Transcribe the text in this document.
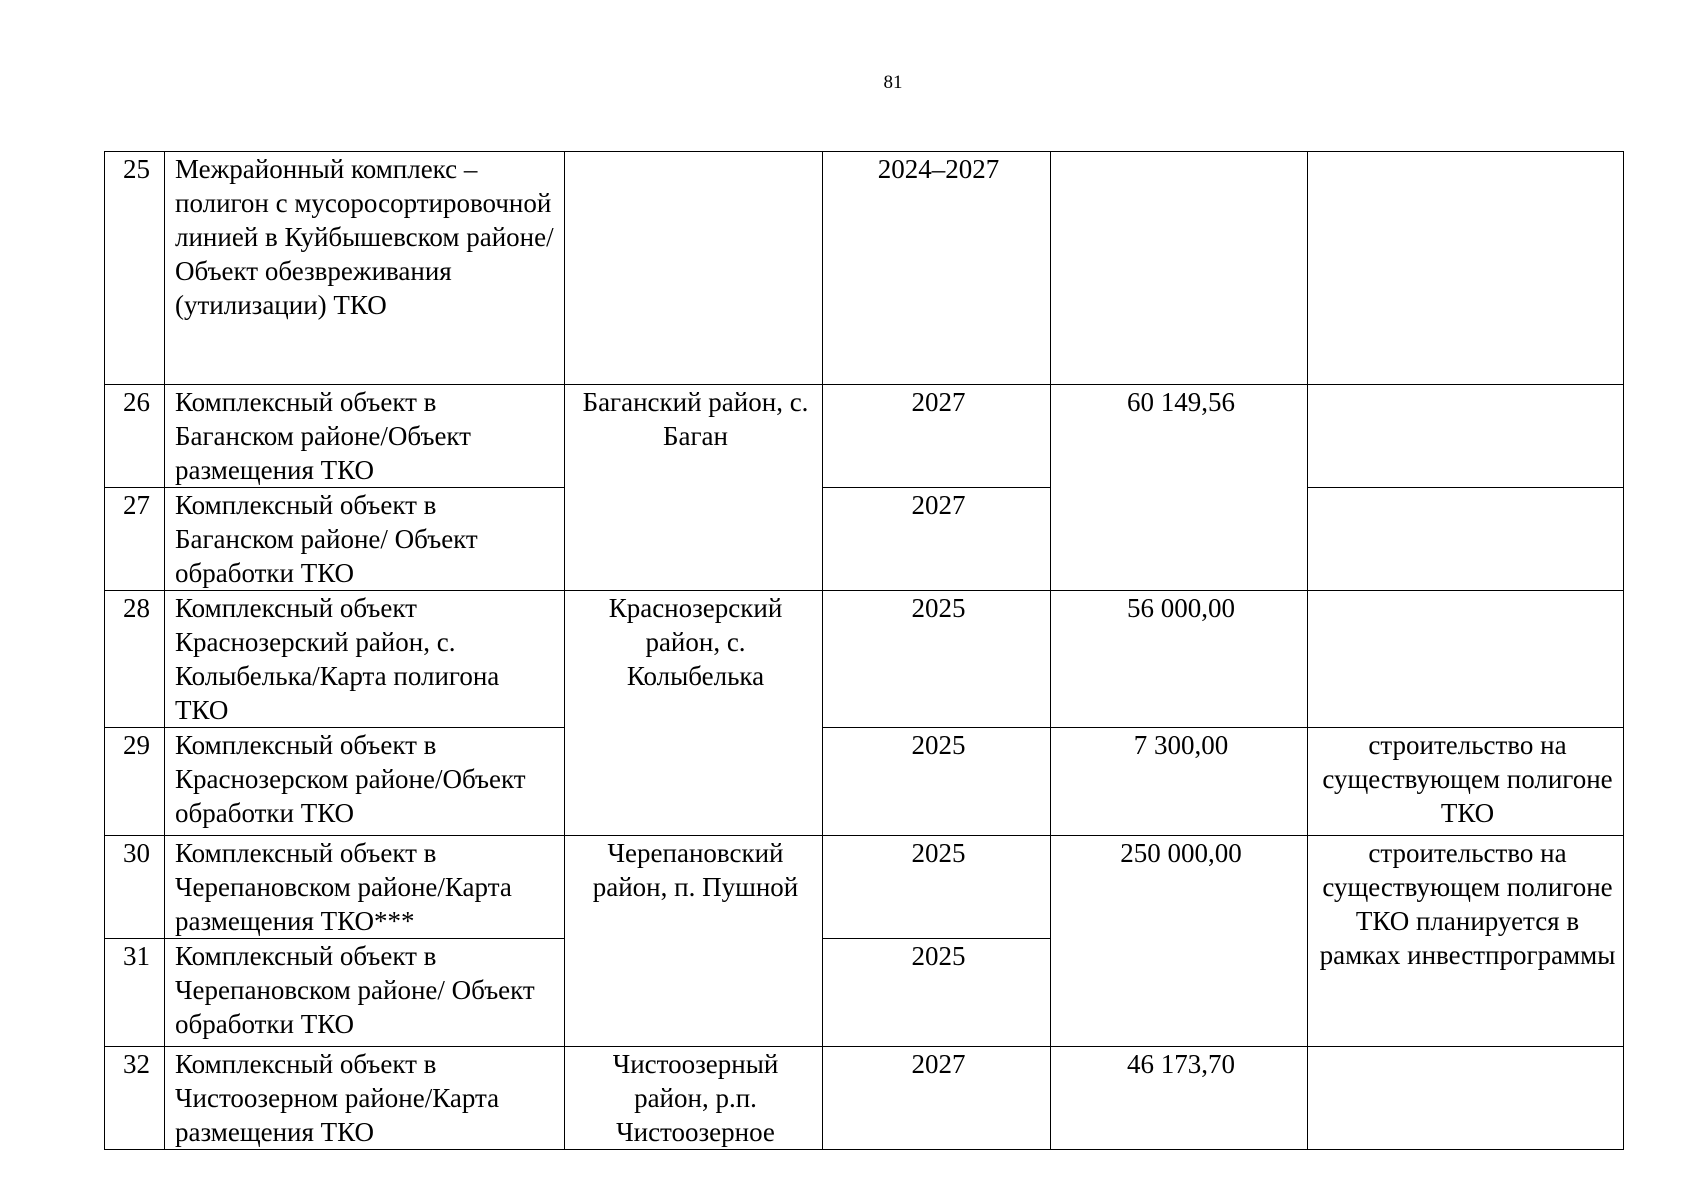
81
25	Межрайонный комплекс – полигон с мусоросортировочной линией в Куйбышевском районе/Объект обезвреживания (утилизации) ТКО		2024–2027		
26	Комплексный объект в Баганском районе/Объект размещения ТКО	Баганский район, с. Баган	2027	60 149,56	
27	Комплексный объект в Баганском районе/ Объект обработки ТКО		2027		
28	Комплексный объект Краснозерский район, с. Колыбелька/Карта полигона ТКО	Краснозерский район, с. Колыбелька	2025	56 000,00	
29	Комплексный объект в Краснозерском районе/Объект обработки ТКО		2025	7 300,00	строительство на существующем полигоне ТКО
30	Комплексный объект в Черепановском районе/Карта размещения ТКО***	Черепановский район, п. Пушной	2025	250 000,00	строительство на существующем полигоне ТКО планируется в рамках инвестпрограммы
31	Комплексный объект в Черепановском районе/ Объект обработки ТКО		2025		
32	Комплексный объект в Чистоозерном районе/Карта размещения ТКО	Чистоозерный район, р.п. Чистоозерное	2027	46 173,70	
